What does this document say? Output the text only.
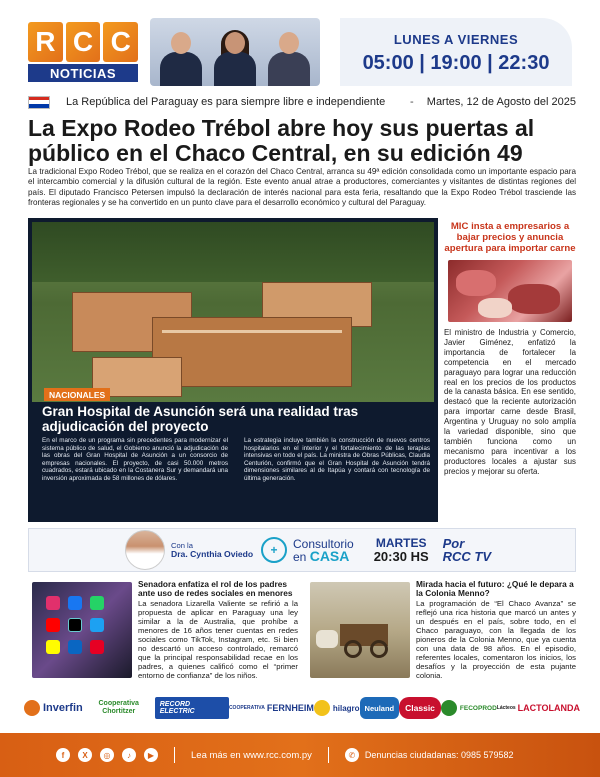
R C C
NOTICIAS
LUNES A VIERNES
05:00 | 19:00 | 22:30
La República del Paraguay es para siempre libre e independiente	-	Martes, 12 de Agosto del 2025
La Expo Rodeo Trébol abre hoy sus puertas al público en el Chaco Central, en su edición 49
La tradicional Expo Rodeo Trébol, que se realiza en el corazón del Chaco Central, arranca su 49ª edición consolidada como un importante espacio para el intercambio comercial y la difusión cultural de la región. Este evento anual atrae a productores, comerciantes y visitantes de distintas regiones del país. El diputado Francisco Petersen impulsó la declaración de interés nacional para esta feria, resaltando que la Expo Rodeo Trébol trasciende las fronteras regionales y se ha convertido en un punto clave para el desarrollo económico y cultural del Paraguay.
NACIONALES
Gran Hospital de Asunción será una realidad tras adjudicación del proyecto
En el marco de un programa sin precedentes para modernizar el sistema público de salud, el Gobierno anunció la adjudicación de las obras del Gran Hospital de Asunción a un consorcio de empresas nacionales. El proyecto, de casi 50.000 metros cuadrados, estará ubicado en la Costanera Sur y demandará una inversión aproximada de 58 millones de dólares.
La estrategia incluye también la construcción de nuevos centros hospitalarios en el interior y el fortalecimiento de las terapias intensivas en todo el país. La ministra de Obras Públicas, Claudia Centurión, confirmó que el Gran Hospital de Asunción tendrá dimensiones similares al de Itapúa y contará con tecnología de última generación.
MIC insta a empresarios a bajar precios y anuncia apertura para importar carne
El ministro de Industria y Comercio, Javier Giménez, enfatizó la importancia de fortalecer la competencia en el mercado paraguayo para lograr una reducción real en los precios de los productos de la canasta básica. En ese sentido, destacó que la reciente autorización para importar carne desde Brasil, Argentina y Uruguay no solo amplía la variedad disponible, sino que también funciona como un mecanismo para incentivar a los productores locales a ajustar sus precios y mejorar su oferta.
Con la
Dra. Cynthia Oviedo	+	Consultorio
en CASA
MARTES
20:30 HS
Por
RCC TV
Senadora enfatiza el rol de los padres ante uso de redes sociales en menores
La senadora Lizarella Valiente se refirió a la propuesta de aplicar en Paraguay una ley similar a la de Australia, que prohíbe a menores de 16 años tener cuentas en redes sociales como TikTok, Instagram, etc. Si bien no descartó un acceso controlado, remarcó que la principal responsabilidad recae en los padres, a quienes calificó como el “primer entorno de confianza” de los niños.
Mirada hacia el futuro: ¿Qué le depara a la Colonia Menno?
La programación de “El Chaco Avanza” se reflejó una rica historia que marcó un antes y un después en el país, sobre todo, en el Chaco paraguayo, con la llegada de los pioneros de la Colonia Menno, que ya cuenta con una data de 98 años. En el episodio, referentes locales, comentaron los inicios, los desafíos y la proyección de esta pujante colonia.
Inverfin	Cooperativa Chortitzer
RECORD ELECTRIC	COOPERATIVA FERNHEIM hilagro Neuland	Classic	FECOPROD Lácteos LACTOLANDA
f	X	◎	♪	▶	Lea más en www.rcc.com.py	✆	Denuncias ciudadanas: 0985 579582
